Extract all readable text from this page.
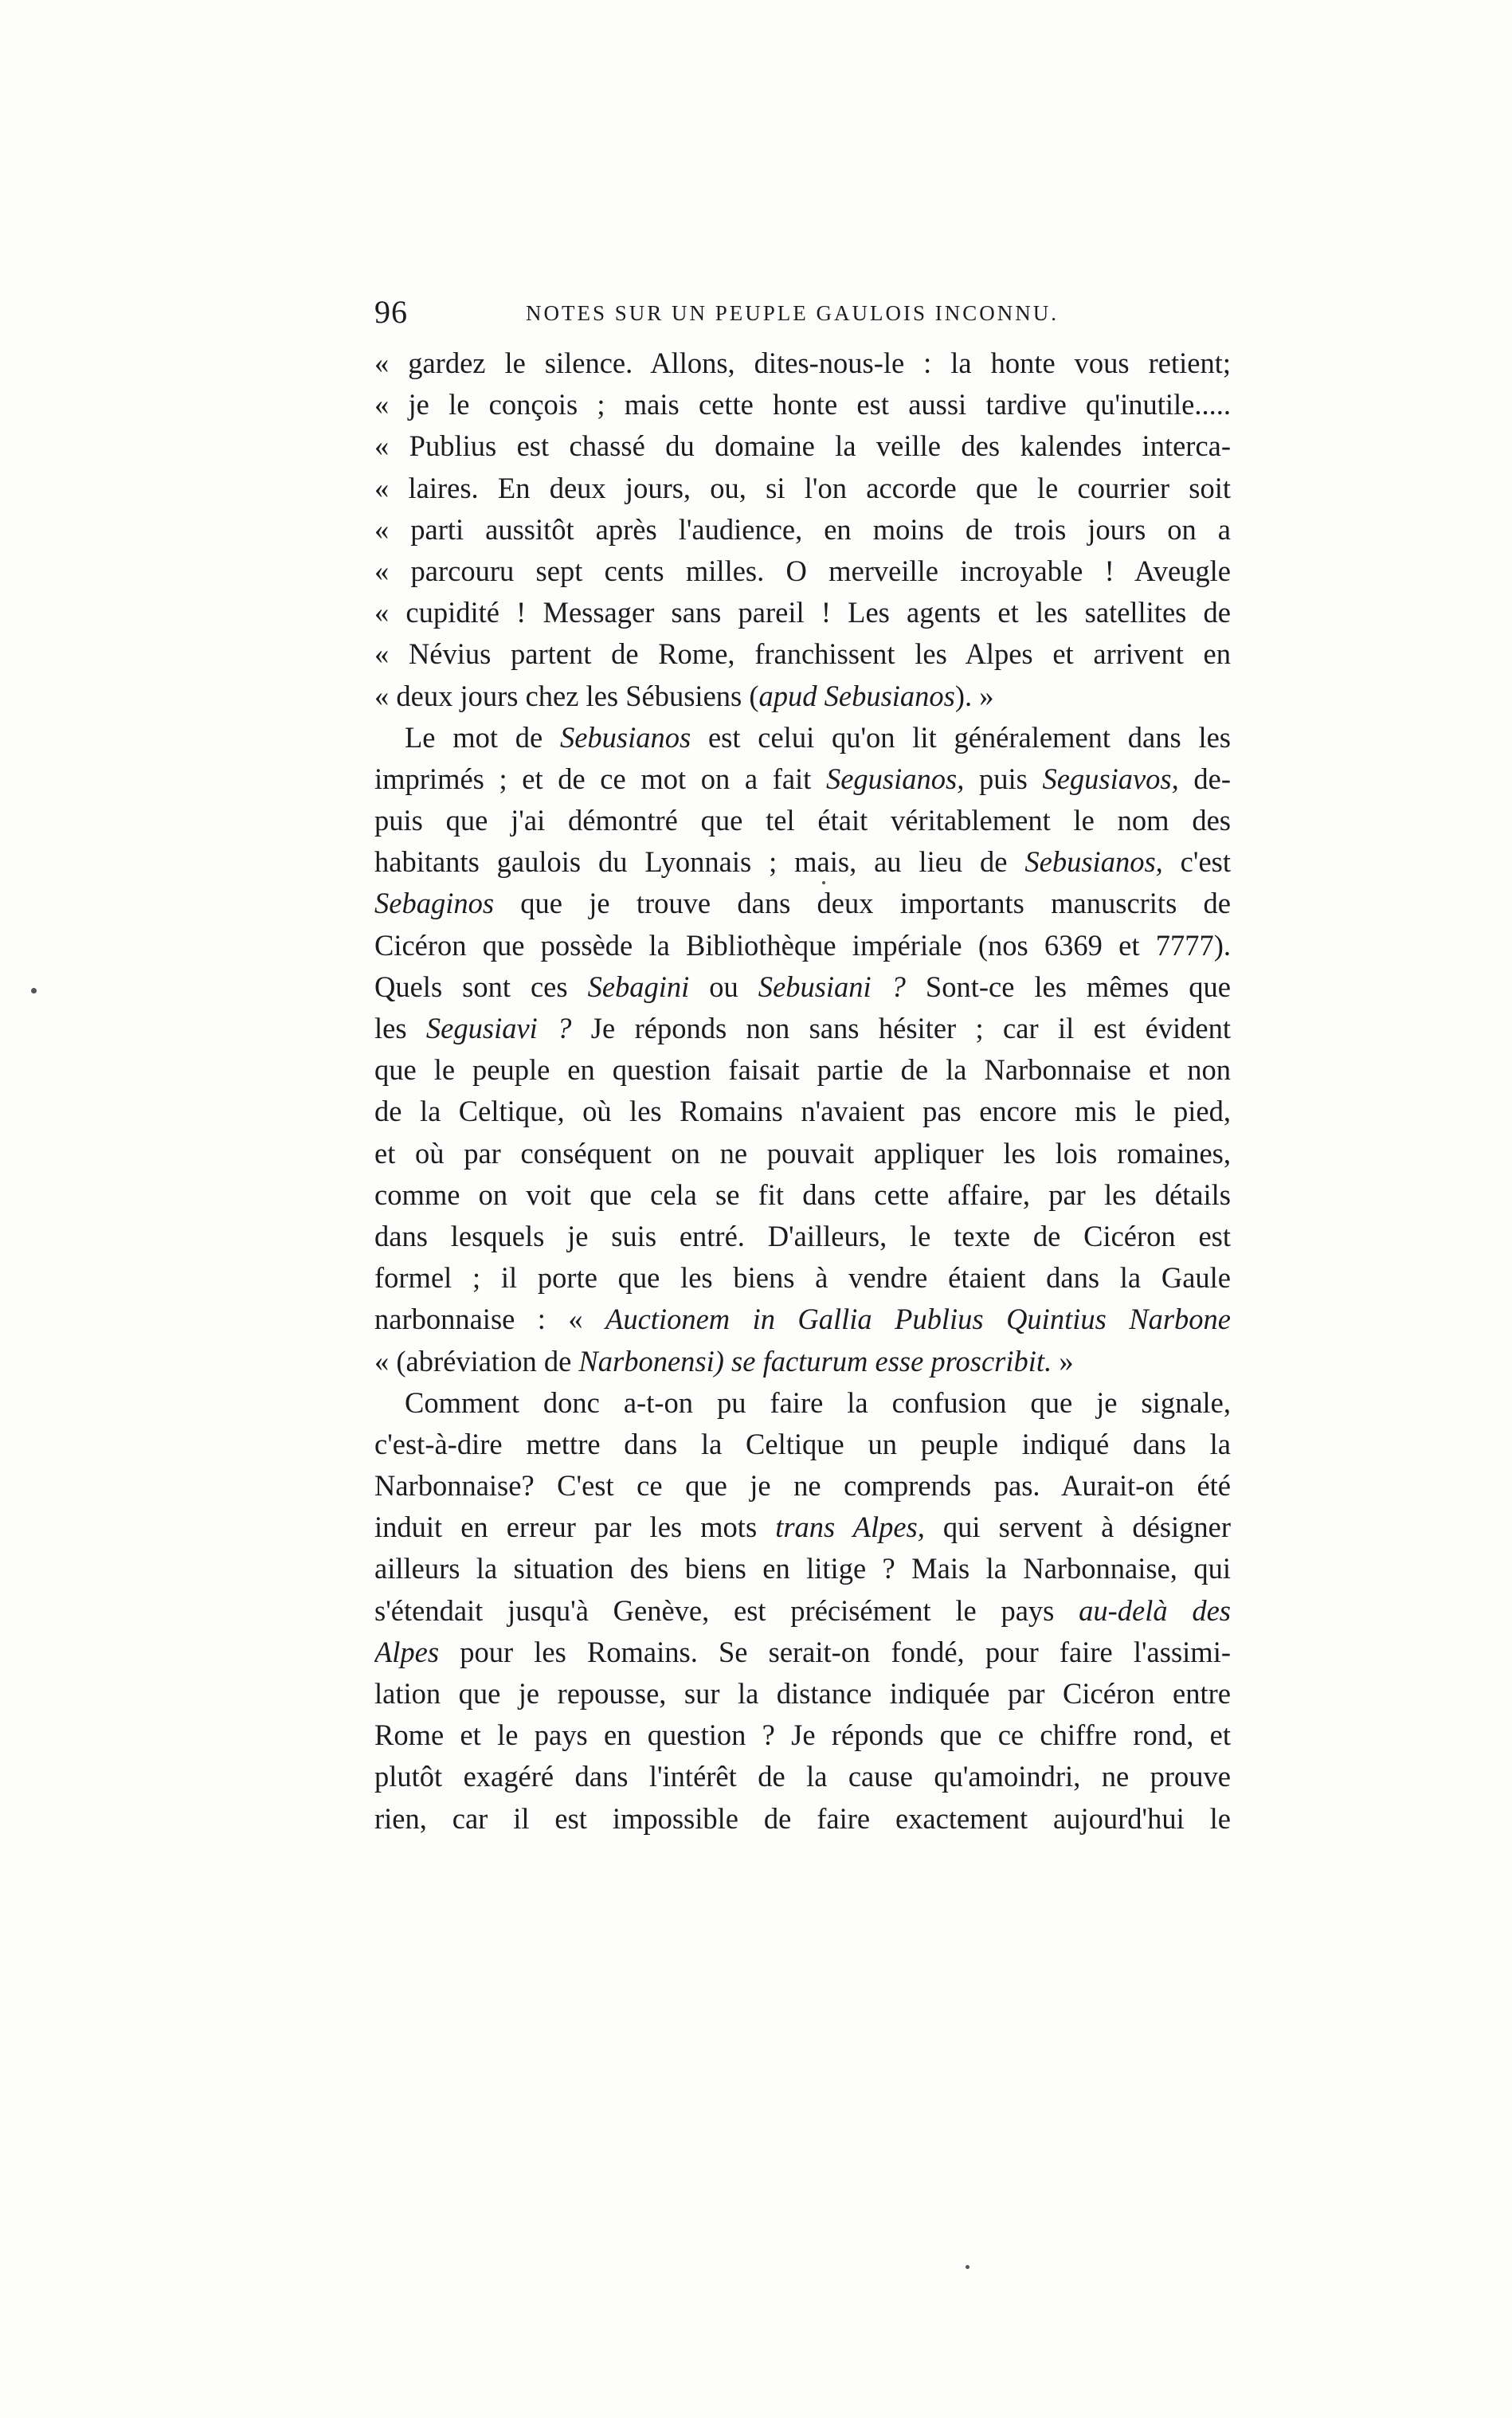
96	NOTES SUR UN PEUPLE GAULOIS INCONNU.
« gardez le silence. Allons, dites-nous-le : la honte vous retient;
« je le conçois ; mais cette honte est aussi tardive qu'inutile.....
« Publius est chassé du domaine la veille des kalendes interca-
« laires. En deux jours, ou, si l'on accorde que le courrier soit
« parti aussitôt après l'audience, en moins de trois jours on a
« parcouru sept cents milles. O merveille incroyable ! Aveugle
« cupidité ! Messager sans pareil ! Les agents et les satellites de
« Névius partent de Rome, franchissent les Alpes et arrivent en
« deux jours chez les Sébusiens (apud Sebusianos). »
Le mot de Sebusianos est celui qu'on lit généralement dans les
imprimés ; et de ce mot on a fait Segusianos, puis Segusiavos, de-
puis que j'ai démontré que tel était véritablement le nom des
habitants gaulois du Lyonnais ; mais, au lieu de Sebusianos, c'est
Sebaginos que je trouve dans deux importants manuscrits de
Cicéron que possède la Bibliothèque impériale (nos 6369 et 7777).
Quels sont ces Sebagini ou Sebusiani ? Sont-ce les mêmes que
les Segusiavi ? Je réponds non sans hésiter ; car il est évident
que le peuple en question faisait partie de la Narbonnaise et non
de la Celtique, où les Romains n'avaient pas encore mis le pied,
et où par conséquent on ne pouvait appliquer les lois romaines,
comme on voit que cela se fit dans cette affaire, par les détails
dans lesquels je suis entré. D'ailleurs, le texte de Cicéron est
formel ; il porte que les biens à vendre étaient dans la Gaule
narbonnaise : « Auctionem in Gallia Publius Quintius Narbone
« (abréviation de Narbonensi) se facturum esse proscribit. »
Comment donc a-t-on pu faire la confusion que je signale,
c'est-à-dire mettre dans la Celtique un peuple indiqué dans la
Narbonnaise? C'est ce que je ne comprends pas. Aurait-on été
induit en erreur par les mots trans Alpes, qui servent à désigner
ailleurs la situation des biens en litige ? Mais la Narbonnaise, qui
s'étendait jusqu'à Genève, est précisément le pays au-delà des
Alpes pour les Romains. Se serait-on fondé, pour faire l'assimi-
lation que je repousse, sur la distance indiquée par Cicéron entre
Rome et le pays en question ? Je réponds que ce chiffre rond, et
plutôt exagéré dans l'intérêt de la cause qu'amoindri, ne prouve
rien, car il est impossible de faire exactement aujourd'hui le
